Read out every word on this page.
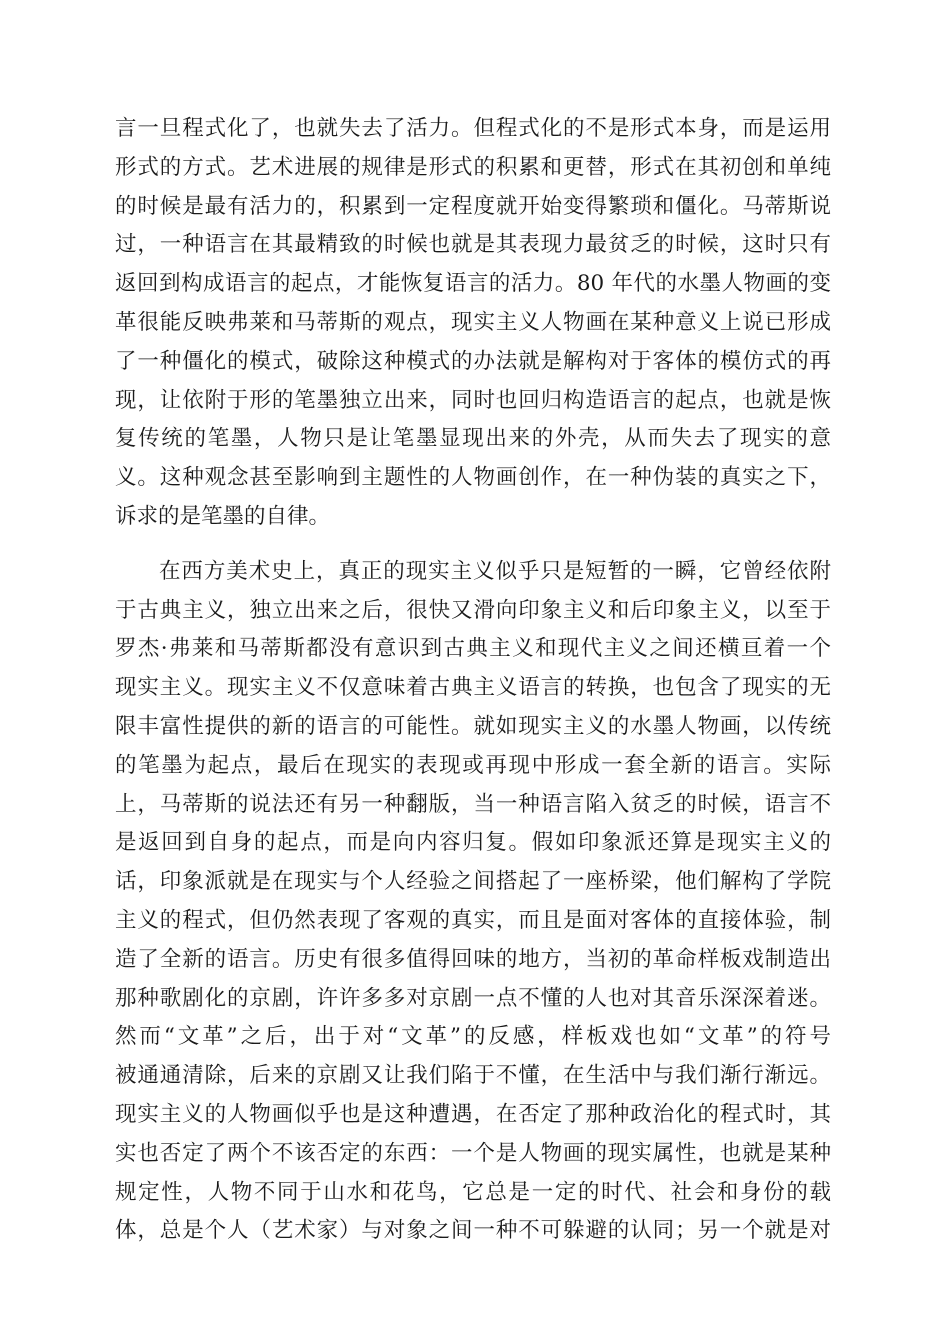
言一旦程式化了，也就失去了活力。但程式化的不是形式本身，而是运用
形式的方式。艺术进展的规律是形式的积累和更替，形式在其初创和单纯
的时候是最有活力的，积累到一定程度就开始变得繁琐和僵化。马蒂斯说
过，一种语言在其最精致的时候也就是其表现力最贫乏的时候，这时只有
返回到构成语言的起点，才能恢复语言的活力。80 年代的水墨人物画的变
革很能反映弗莱和马蒂斯的观点，现实主义人物画在某种意义上说已形成
了一种僵化的模式，破除这种模式的办法就是解构对于客体的模仿式的再
现，让依附于形的笔墨独立出来，同时也回归构造语言的起点，也就是恢
复传统的笔墨，人物只是让笔墨显现出来的外壳，从而失去了现实的意
义。这种观念甚至影响到主题性的人物画创作，在一种伪装的真实之下，
诉求的是笔墨的自律。
在西方美术史上，真正的现实主义似乎只是短暂的一瞬，它曾经依附
于古典主义，独立出来之后，很快又滑向印象主义和后印象主义，以至于
罗杰·弗莱和马蒂斯都没有意识到古典主义和现代主义之间还横亘着一个
现实主义。现实主义不仅意味着古典主义语言的转换，也包含了现实的无
限丰富性提供的新的语言的可能性。就如现实主义的水墨人物画，以传统
的笔墨为起点，最后在现实的表现或再现中形成一套全新的语言。实际
上，马蒂斯的说法还有另一种翻版，当一种语言陷入贫乏的时候，语言不
是返回到自身的起点，而是向内容归复。假如印象派还算是现实主义的
话，印象派就是在现实与个人经验之间搭起了一座桥梁，他们解构了学院
主义的程式，但仍然表现了客观的真实，而且是面对客体的直接体验，制
造了全新的语言。历史有很多值得回味的地方，当初的革命样板戏制造出
那种歌剧化的京剧，许许多多对京剧一点不懂的人也对其音乐深深着迷。
然而“文革”之后，出于对“文革”的反感，样板戏也如“文革”的符号
被通通清除，后来的京剧又让我们陷于不懂，在生活中与我们渐行渐远。
现实主义的人物画似乎也是这种遭遇，在否定了那种政治化的程式时，其
实也否定了两个不该否定的东西：一个是人物画的现实属性，也就是某种
规定性，人物不同于山水和花鸟，它总是一定的时代、社会和身份的载
体，总是个人（艺术家）与对象之间一种不可躲避的认同；另一个就是对
